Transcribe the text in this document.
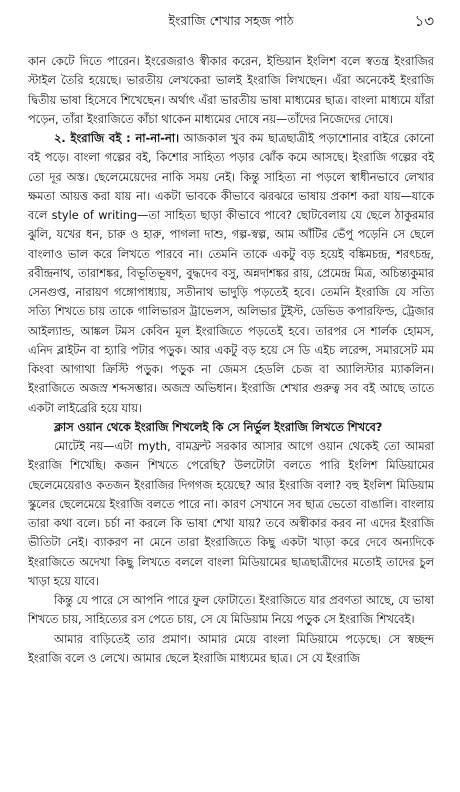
ইংরাজি শেখার সহজ পাঠ	১৩

কান কেটে দিতে পারেন। ইংরেজরাও স্বীকার করেন, ইন্ডিয়ান ইংলিশ বলে স্বতন্ত্র ইংরাজির স্টাইল তৈরি হয়েছে। ভারতীয় লেখকেরা ভালই ইংরাজি লিখছেন। এঁরা অনেকেই ইংরাজি দ্বিতীয় ভাষা হিসেবে শিখেছেন। অর্থাৎ এঁরা ভারতীয় ভাষা মাধ্যমের ছাত্র। বাংলা মাধ্যমে যাঁরা পড়েন, তাঁরা ইংরাজিতে কাঁচা থাকেন মাধ্যমের দোষে নয়—তাঁদের নিজেদের দোষে।

২. ইংরাজি বই : না-না-না। আজকাল খুব কম ছাত্রছাত্রীই পড়াশোনার বাইরে কোনো বই পড়ে। বাংলা গল্পের বই, কিশোর সাহিত্য পড়ার ঝোঁক কমে আসছে। ইংরাজি গল্পের বই তো দূর অস্ত। ছেলেমেয়েদের নাকি সময় নেই। কিন্তু সাহিত্য না পড়লে স্বাধীনভাবে লেখার ক্ষমতা আয়ত্ত করা যায় না। একটা ভাবকে কীভাবে ঝরঝরে ভাষায় প্রকাশ করা যায়—যাকে বলে style of writing—তা সাহিত্য ছাড়া কীভাবে পাবে? ছোটবেলায় যে ছেলে ঠাকুরমার ঝুলি, যখের ধন, চারু ও হারু, পাগলা দাশু, গল্প-স্বল্প, আম আঁটির ভেঁপু পড়েনি সে ছেলে বাংলাও ভাল করে লিখতে পারবে না। তেমনি তাকে একটু বড় হয়েই বঙ্কিমচন্দ্র, শরৎচন্দ্র, রবীন্দ্রনাথ, তারাশঙ্কর, বিভূতিভূষণ, বুদ্ধদেব বসু, অন্নদাশঙ্কর রায়, প্রেমেন্দ্র মিত্র, অচিন্ত্যকুমার সেনগুপ্ত, নারায়ণ গঙ্গোপাধ্যায়, সতীনাথ ভাদুড়ি পড়তেই হবে। তেমনি ইংরাজি যে সত্যি সত্যি শিখতে চায় তাকে গালিভারস ট্রাভেলস, অলিভার টুইস্ট, ডেভিড কপারফিল্ড, ট্রেজার আইল্যান্ড, আঙ্কল টমস কেবিন মূল ইংরাজিতে পড়তেই হবে। তারপর সে শার্লক হোমস, এনিদ ব্লাইটন বা হ্যারি পটার পড়ুক। আর একটু বড় হয়ে সে ডি এইচ লরেন্স, সমারসেট মম কিংবা আগাথা ক্রিস্টি পড়ুক। পড়ুক না জেমস হেডলি চেজ বা অ্যালিস্টার ম্যাকলিন। ইংরাজিতে অজস্র শব্দসম্ভার। অজস্র অভিধান। ইংরাজি শেখার গুরুত্ব সব বই আছে তাতে একটা লাইব্রেরি হয়ে যায়।

ক্লাস ওয়ান থেকে ইংরাজি শিখলেই কি সে নির্ভুল ইংরাজি লিখতে শিখবে?

মোটেই নয়—এটা myth, বামফ্রন্ট সরকার আসার আগে ওয়ান থেকেই তো আমরা ইংরাজি শিখেছি। কজন শিখতে পেরেছি? উলটোটা বলতে পারি ইংলিশ মিডিয়ামের ছেলেমেয়েরাও কতজন ইংরাজির দিগগজ হয়েছে? আর ইংরাজি বলা? বহু ইংলিশ মিডিয়াম স্কুলের ছেলেমেয়ে ইংরাজি বলতে পারে না। কারণ সেখানে সব ছাত্র ভেতো বাঙালি। বাংলায় তারা কথা বলে। চর্চা না করলে কি ভাষা শেখা যায়? তবে অস্বীকার করব না এদের ইংরাজি ভীতিটা নেই। ব্যাকরণ না মেনে তারা ইংরাজিতে কিছু একটা খাড়া করে দেবে অন্যদিকে ইংরাজিতে অদেখা কিছু লিখতে বললে বাংলা মিডিয়ামের ছাত্রছাত্রীদের মতোই তাদের চুল খাড়া হয়ে যাবে।

কিন্তু যে পারে সে আপনি পারে ফুল ফোটাতে। ইংরাজিতে যার প্রবণতা আছে, যে ভাষা শিখতে চায়, সাহিত্যের রস পেতে চায়, সে যে মিডিয়াম নিয়ে পড়ুক সে ইংরাজি শিখবেই।

আমার বাড়িতেই তার প্রমাণ। আমার মেয়ে বাংলা মিডিয়ামে পড়েছে। সে স্বচ্ছন্দ ইংরাজি বলে ও লেখে। আমার ছেলে ইংরাজি মাধ্যমের ছাত্র। সে যে ইংরাজি
